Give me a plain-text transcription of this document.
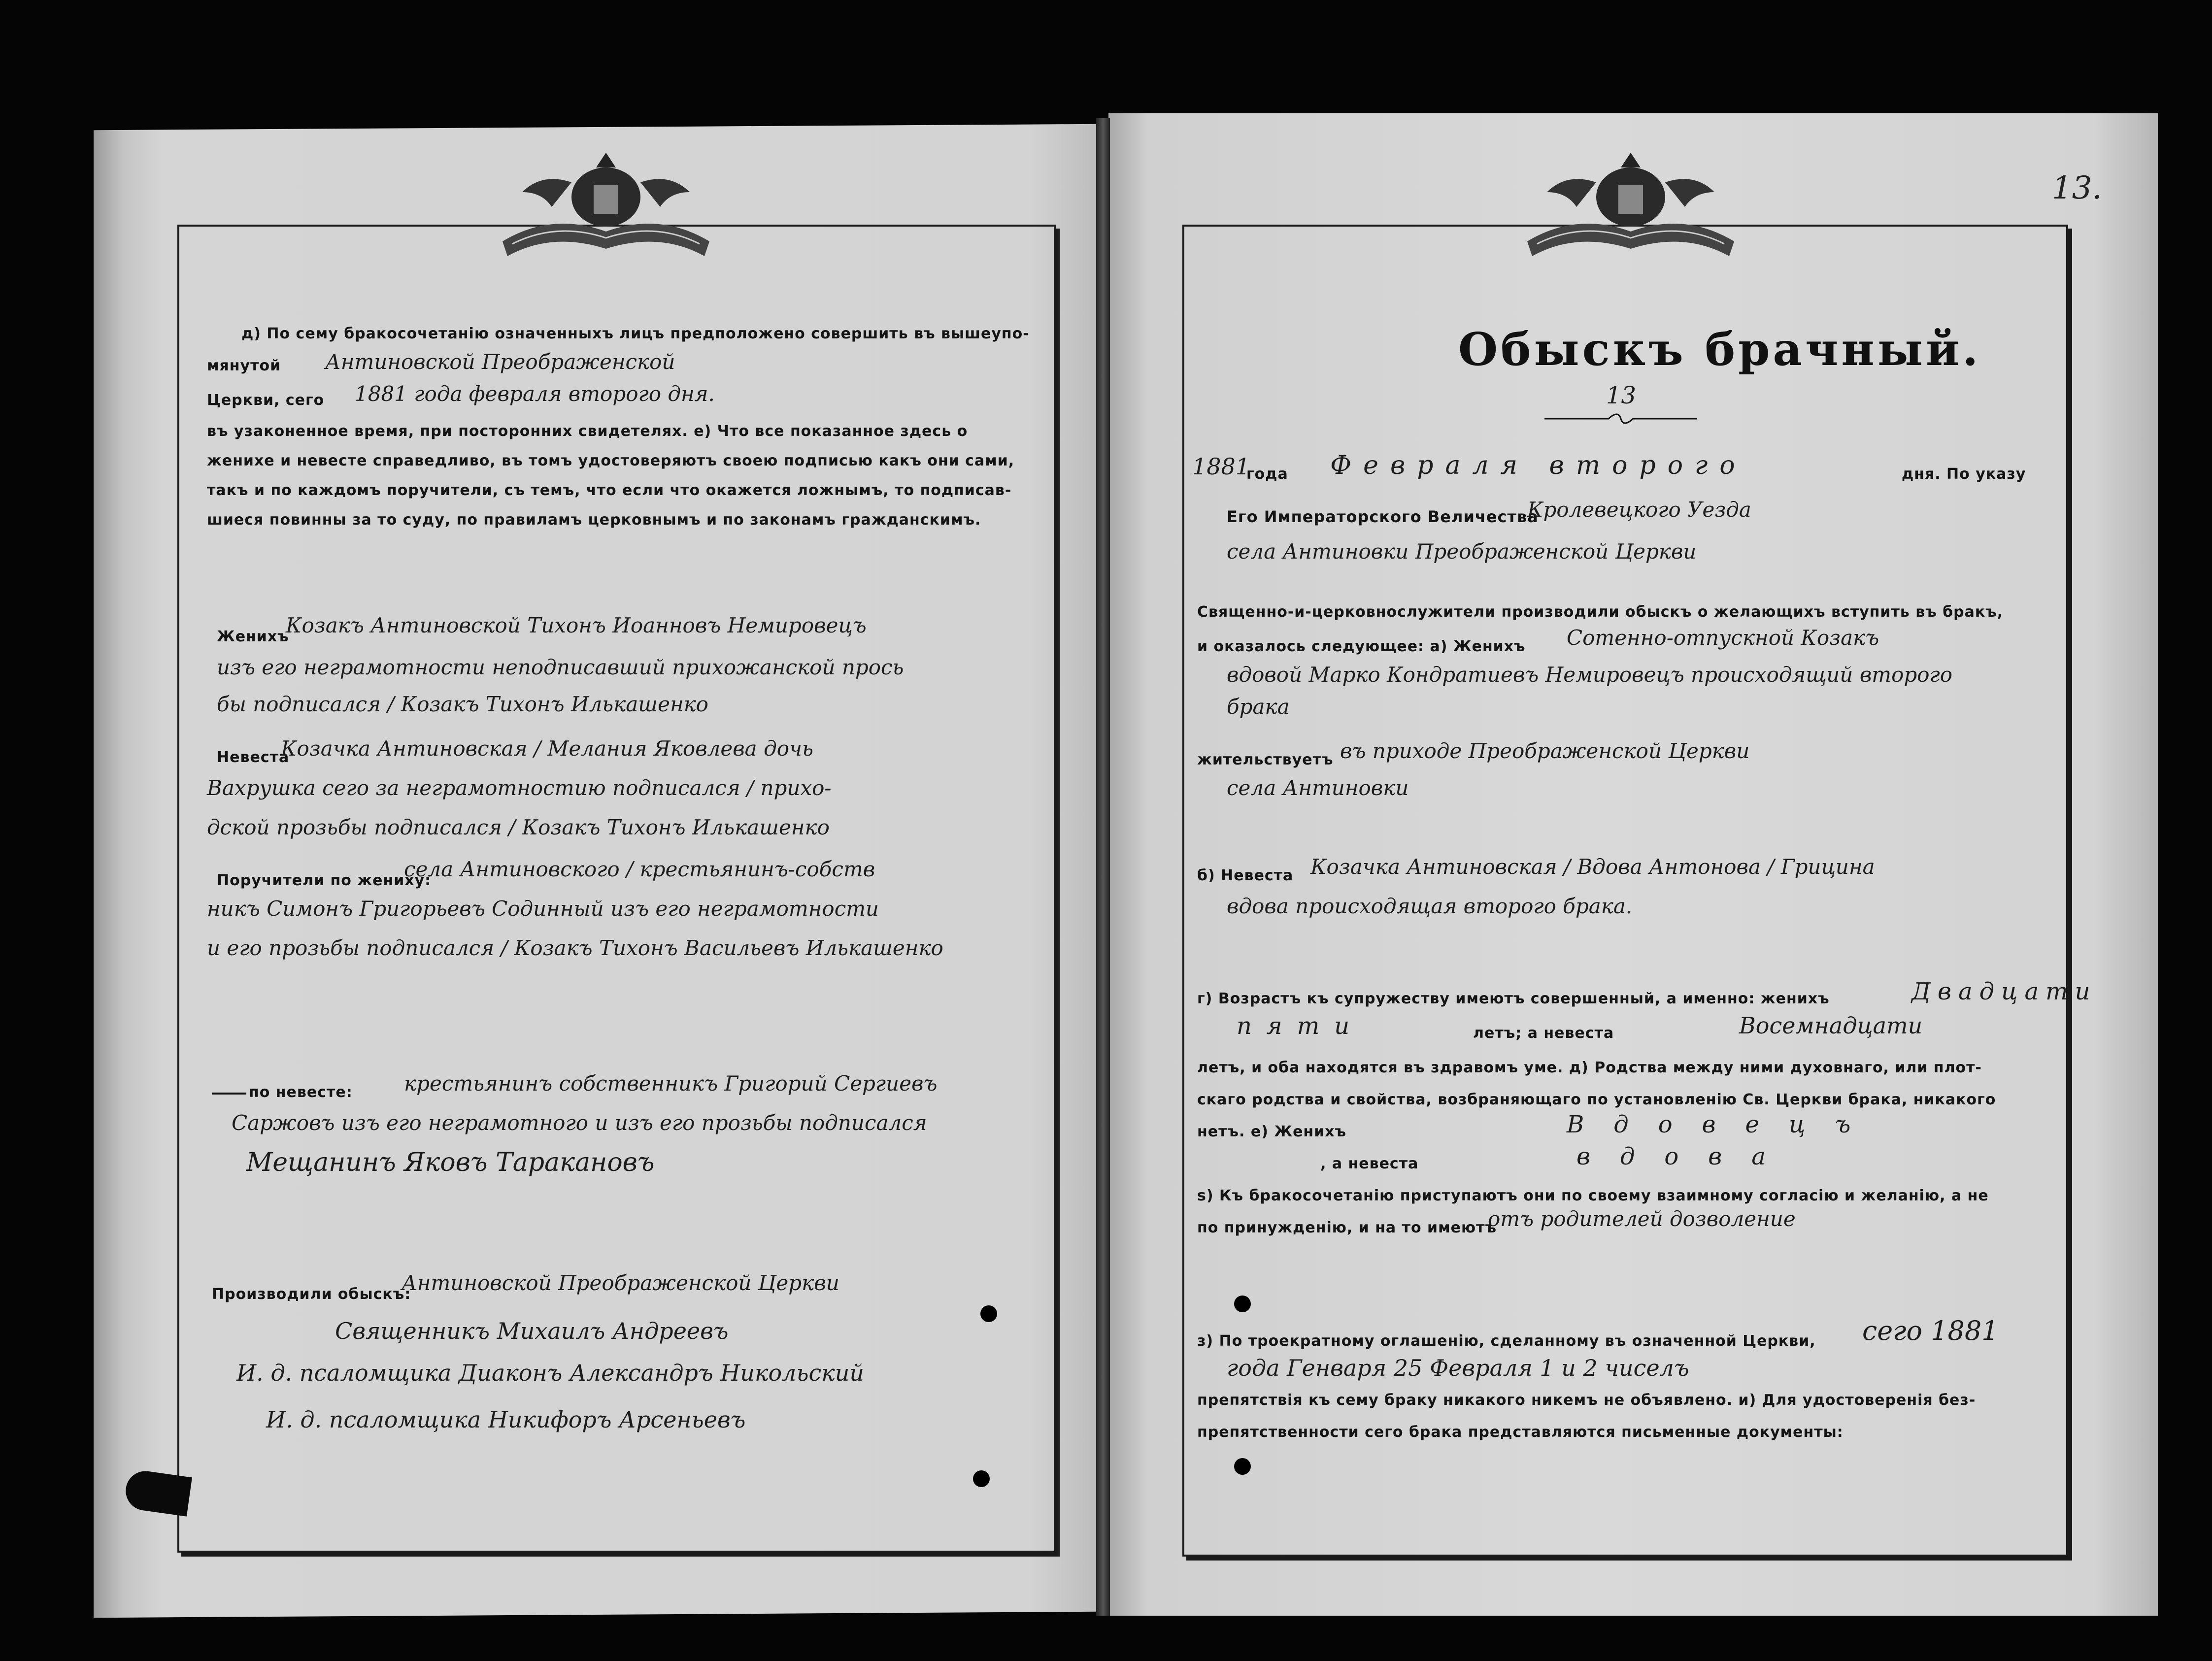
д) По сему бракосочетанію означенныхъ лицъ предположено совершить въ вышеупо-
мянутой Антиновской Преображенской
Церкви, сего 1881 года февраля второго дня.
въ узаконенное время, при посторонних свидетелях. е) Что все показанное здесь о
женихе и невесте справедливо, въ томъ удостоверяютъ своею подписью какъ они сами,
такъ и по каждомъ поручители, съ темъ, что если что окажется ложнымъ, то подписав-
шиеся повинны за то суду, по правиламъ церковнымъ и по законамъ гражданскимъ.
Женихъ
Козакъ Антиновской Тихонъ Иоанновъ Немировецъ
изъ его неграмотности неподписавший прихожанской прось
бы подписался / Козакъ Тихонъ Илькашенко
Невеста
Козачка Антиновская / Мелания Яковлева дочь
Вахрушка сего за неграмотностию подписался / прихо-
дской прозьбы подписался / Козакъ Тихонъ Илькашенко
Поручители по жениху:
села Антиновского / крестьянинъ-собств
никъ Симонъ Григорьевъ Содинный изъ его неграмотности
и его прозьбы подписался / Козакъ Тихонъ Васильевъ Илькашенко
по невесте: крестьянинъ собственникъ Григорий Сергиевъ
Саржовъ изъ его неграмотного и изъ его прозьбы подписался
Мещанинъ Яковъ Таракановъ
Производили обыскъ:
Антиновской Преображенской Церкви
Священникъ Михаилъ Андреевъ
И. д. псаломщика Диаконъ Александръ Никольский
И. д. псаломщика Никифоръ Арсеньевъ
13.
Обыскъ брачный.
13
1881
года Февраля второго	дня. По указу
Его Императорского Величества
Кролевецкого Уезда
села Антиновки Преображенской Церкви
Священно-и-церковнослужители производили обыскъ о желающихъ вступить въ бракъ,
и оказалось следующее: а) Женихъ Сотенно-отпускной Козакъ
вдовой Марко Кондратиевъ Немировецъ происходящий второго
брака
жительствуетъ въ приходе Преображенской Церкви
села Антиновки
б) Невеста Козачка Антиновская / Вдова Антонова / Грицина
вдова происходящая второго брака.
г) Возрастъ къ супружеству имеютъ совершенный, а именно: женихъ	Двадцати
пяти	летъ; а невеста	Восемнадцати
летъ, и оба находятся въ здравомъ уме. д) Родства между ними духовнаго, или плот-
скаго родства и свойства, возбраняющаго по установленію Св. Церкви брака, никакого
нетъ. е) Женихъ	Вдовецъ
, а невеста	вдова
ѕ) Къ бракосочетанію приступаютъ они по своему взаимному согласію и желанію, а не
по принужденію, и на то имеютъ
отъ родителей дозволение
з) По троекратному оглашенію, сделанному въ означенной Церкви, сего 1881
года Генваря 25 Февраля 1 и 2 чиселъ
препятствія къ сему браку никакого никемъ не объявлено. и) Для удостоверенія без-
препятственности сего брака представляются письменные документы:
